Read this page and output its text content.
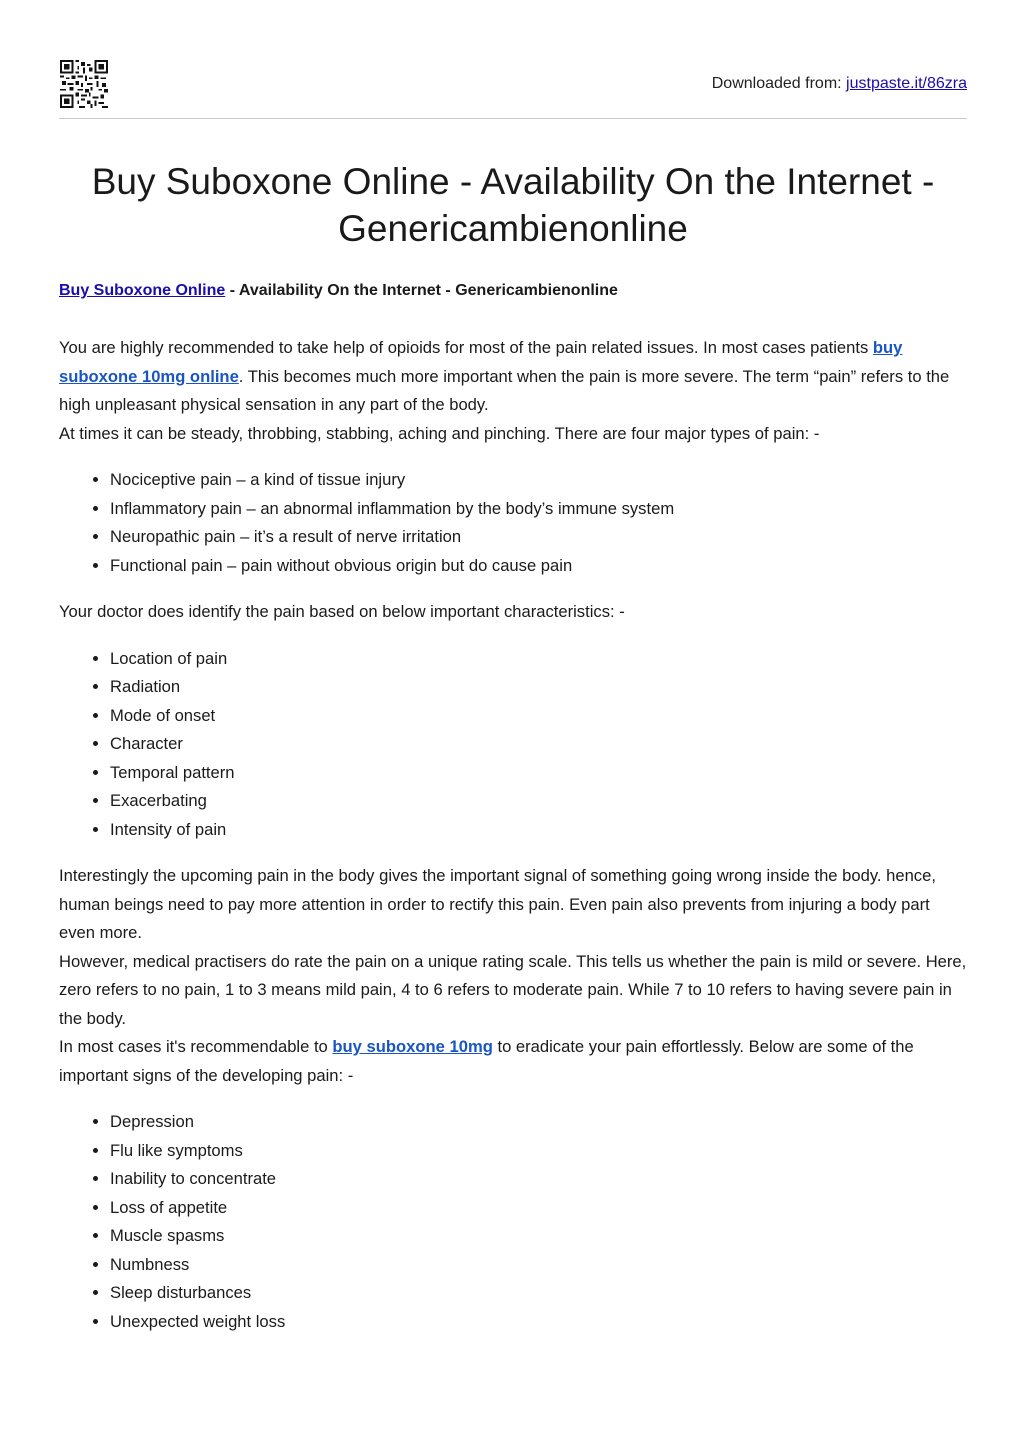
Downloaded from: justpaste.it/86zra
Buy Suboxone Online - Availability On the Internet - Genericambienonline
Buy Suboxone Online - Availability On the Internet - Genericambienonline

You are highly recommended to take help of opioids for most of the pain related issues. In most cases patients buy suboxone 10mg online. This becomes much more important when the pain is more severe. The term “pain” refers to the high unpleasant physical sensation in any part of the body.

At times it can be steady, throbbing, stabbing, aching and pinching. There are four major types of pain: -

• Nociceptive pain – a kind of tissue injury
• Inflammatory pain – an abnormal inflammation by the body’s immune system
• Neuropathic pain – it’s a result of nerve irritation
• Functional pain – pain without obvious origin but do cause pain

Your doctor does identify the pain based on below important characteristics: -

• Location of pain
• Radiation
• Mode of onset
• Character
• Temporal pattern
• Exacerbating
• Intensity of pain

Interestingly the upcoming pain in the body gives the important signal of something going wrong inside the body. hence, human beings need to pay more attention in order to rectify this pain. Even pain also prevents from injuring a body part even more.

However, medical practisers do rate the pain on a unique rating scale. This tells us whether the pain is mild or severe. Here, zero refers to no pain, 1 to 3 means mild pain, 4 to 6 refers to moderate pain. While 7 to 10 refers to having severe pain in the body.

In most cases it's recommendable to buy suboxone 10mg to eradicate your pain effortlessly. Below are some of the important signs of the developing pain: -

• Depression
• Flu like symptoms
• Inability to concentrate
• Loss of appetite
• Muscle spasms
• Numbness
• Sleep disturbances
• Unexpected weight loss
